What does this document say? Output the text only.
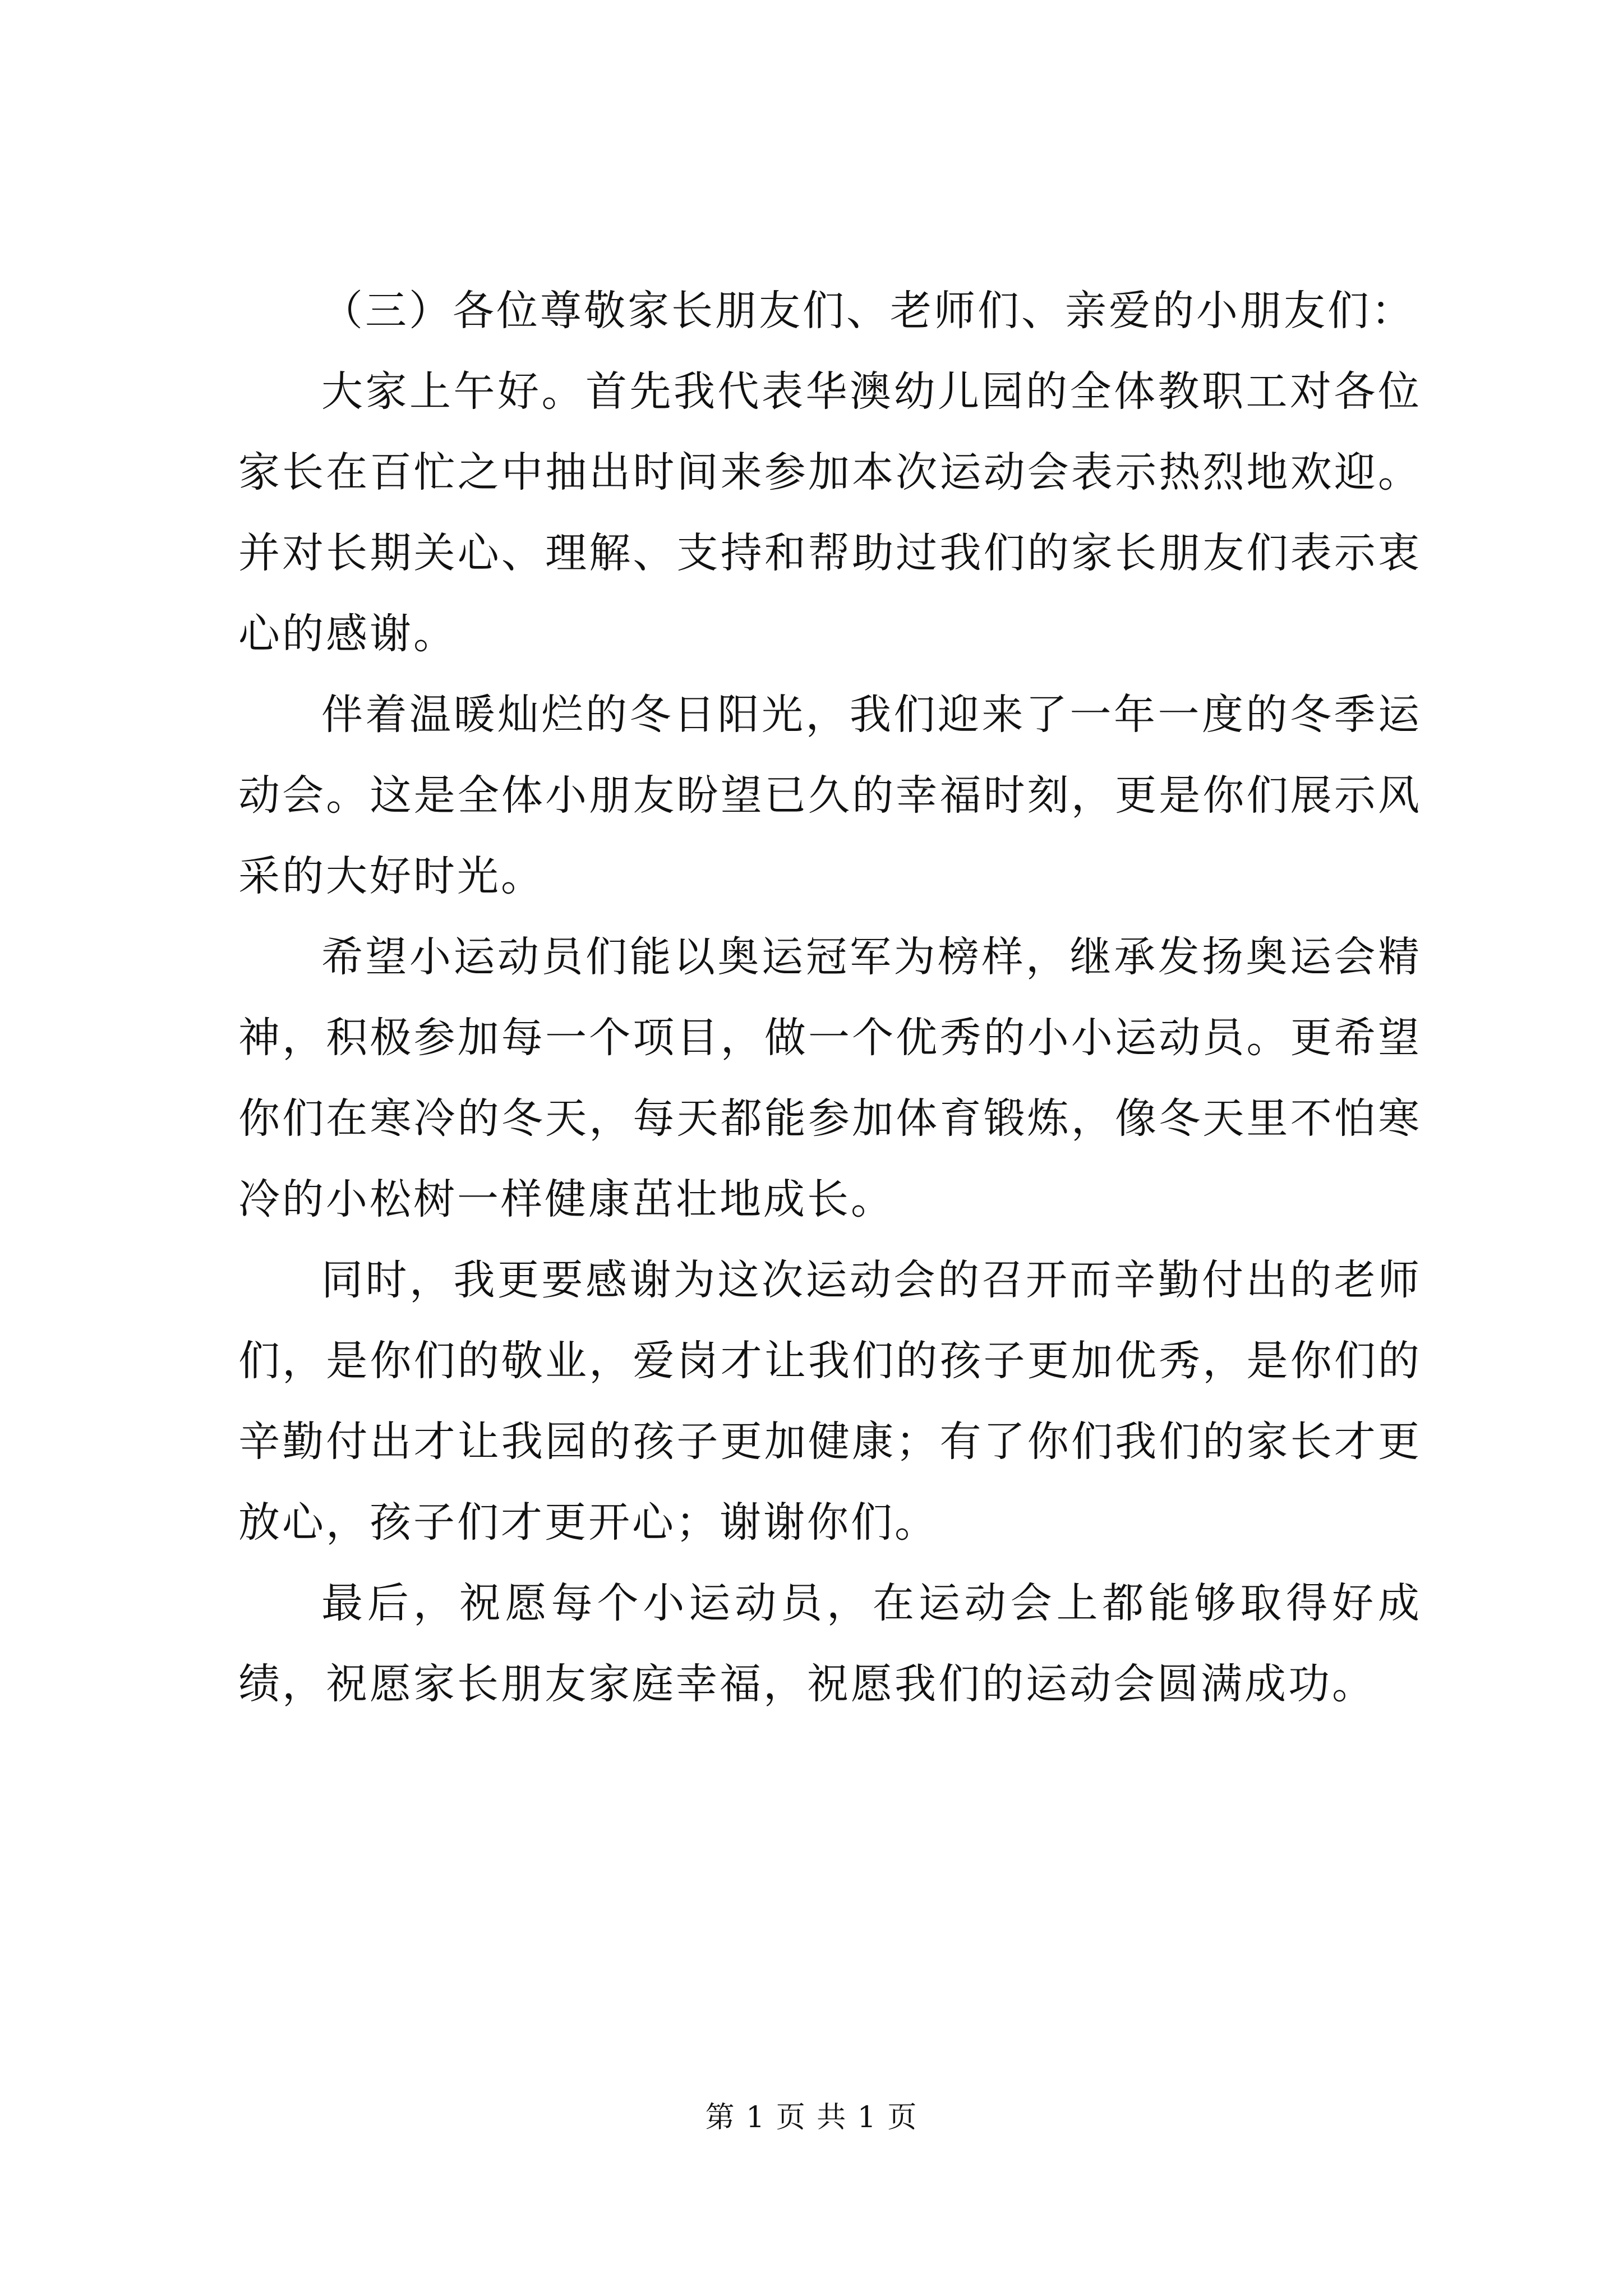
（三）各位尊敬家长朋友们、老师们、亲爱的小朋友们：

大家上午好。首先我代表华澳幼儿园的全体教职工对各位家长在百忙之中抽出时间来参加本次运动会表示热烈地欢迎。并对长期关心、理解、支持和帮助过我们的家长朋友们表示衷心的感谢。

伴着温暖灿烂的冬日阳光，我们迎来了一年一度的冬季运动会。这是全体小朋友盼望已久的幸福时刻，更是你们展示风采的大好时光。

希望小运动员们能以奥运冠军为榜样，继承发扬奥运会精神，积极参加每一个项目，做一个优秀的小小运动员。更希望你们在寒冷的冬天，每天都能参加体育锻炼，像冬天里不怕寒冷的小松树一样健康茁壮地成长。

同时，我更要感谢为这次运动会的召开而辛勤付出的老师们，是你们的敬业，爱岗才让我们的孩子更加优秀，是你们的辛勤付出才让我园的孩子更加健康；有了你们我们的家长才更放心，孩子们才更开心；谢谢你们。

最后，祝愿每个小运动员，在运动会上都能够取得好成绩，祝愿家长朋友家庭幸福，祝愿我们的运动会圆满成功。

第 1 页 共 1 页
